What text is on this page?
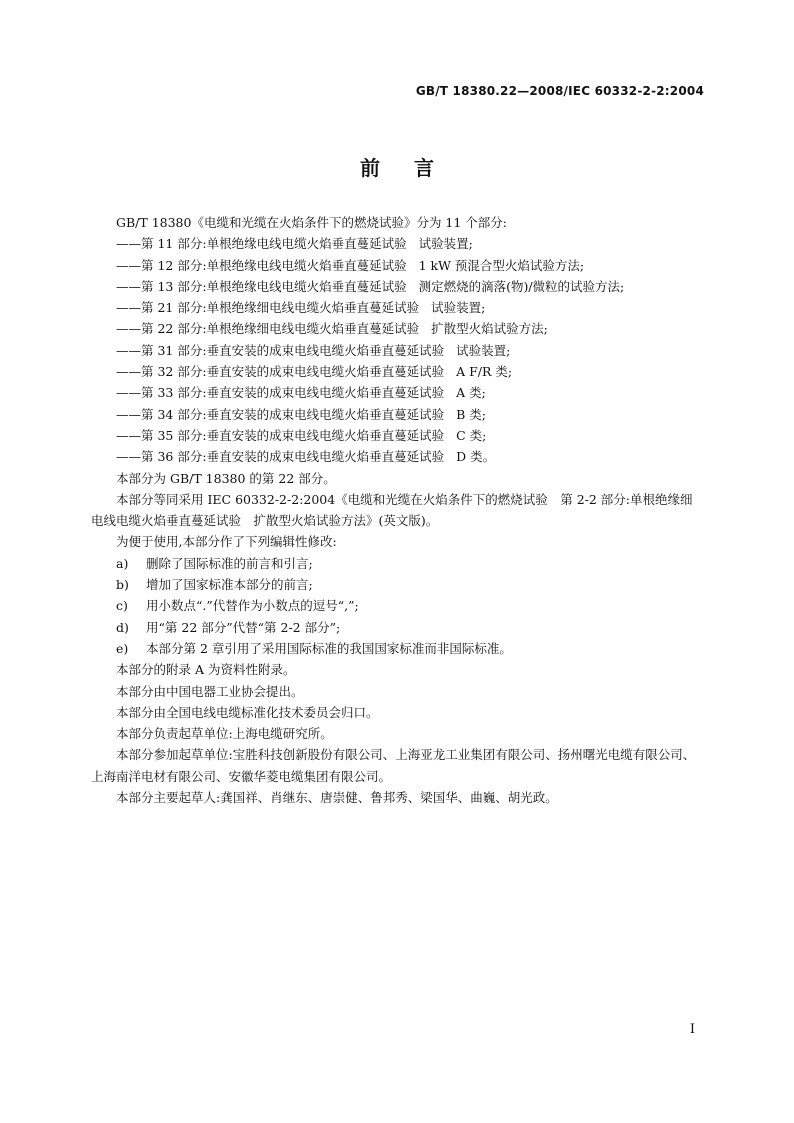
GB/T 18380.22—2008/IEC 60332-2-2:2004
前言
GB/T 18380《电缆和光缆在火焰条件下的燃烧试验》分为 11 个部分:
——第 11 部分:单根绝缘电线电缆火焰垂直蔓延试验 试验装置;
——第 12 部分:单根绝缘电线电缆火焰垂直蔓延试验 1 kW 预混合型火焰试验方法;
——第 13 部分:单根绝缘电线电缆火焰垂直蔓延试验 测定燃烧的滴落(物)/微粒的试验方法;
——第 21 部分:单根绝缘细电线电缆火焰垂直蔓延试验 试验装置;
——第 22 部分:单根绝缘细电线电缆火焰垂直蔓延试验 扩散型火焰试验方法;
——第 31 部分:垂直安装的成束电线电缆火焰垂直蔓延试验 试验装置;
——第 32 部分:垂直安装的成束电线电缆火焰垂直蔓延试验 A F/R 类;
——第 33 部分:垂直安装的成束电线电缆火焰垂直蔓延试验 A 类;
——第 34 部分:垂直安装的成束电线电缆火焰垂直蔓延试验 B 类;
——第 35 部分:垂直安装的成束电线电缆火焰垂直蔓延试验 C 类;
——第 36 部分:垂直安装的成束电线电缆火焰垂直蔓延试验 D 类。
本部分为 GB/T 18380 的第 22 部分。
本部分等同采用 IEC 60332-2-2:2004《电缆和光缆在火焰条件下的燃烧试验　第 2-2 部分:单根绝缘细电线电缆火焰垂直蔓延试验　扩散型火焰试验方法》(英文版)。
为便于使用,本部分作了下列编辑性修改:
a) 删除了国际标准的前言和引言;
b) 增加了国家标准本部分的前言;
c) 用小数点“.”代替作为小数点的逗号“,”;
d) 用“第 22 部分”代替“第 2-2 部分”;
e) 本部分第 2 章引用了采用国际标准的我国国家标准而非国际标准。
本部分的附录 A 为资料性附录。
本部分由中国电器工业协会提出。
本部分由全国电线电缆标准化技术委员会归口。
本部分负责起草单位:上海电缆研究所。
本部分参加起草单位:宝胜科技创新股份有限公司、上海亚龙工业集团有限公司、扬州曙光电缆有限公司、上海南洋电材有限公司、安徽华菱电缆集团有限公司。
本部分主要起草人:龚国祥、肖继东、唐崇健、鲁邦秀、梁国华、曲巍、胡光政。
I
